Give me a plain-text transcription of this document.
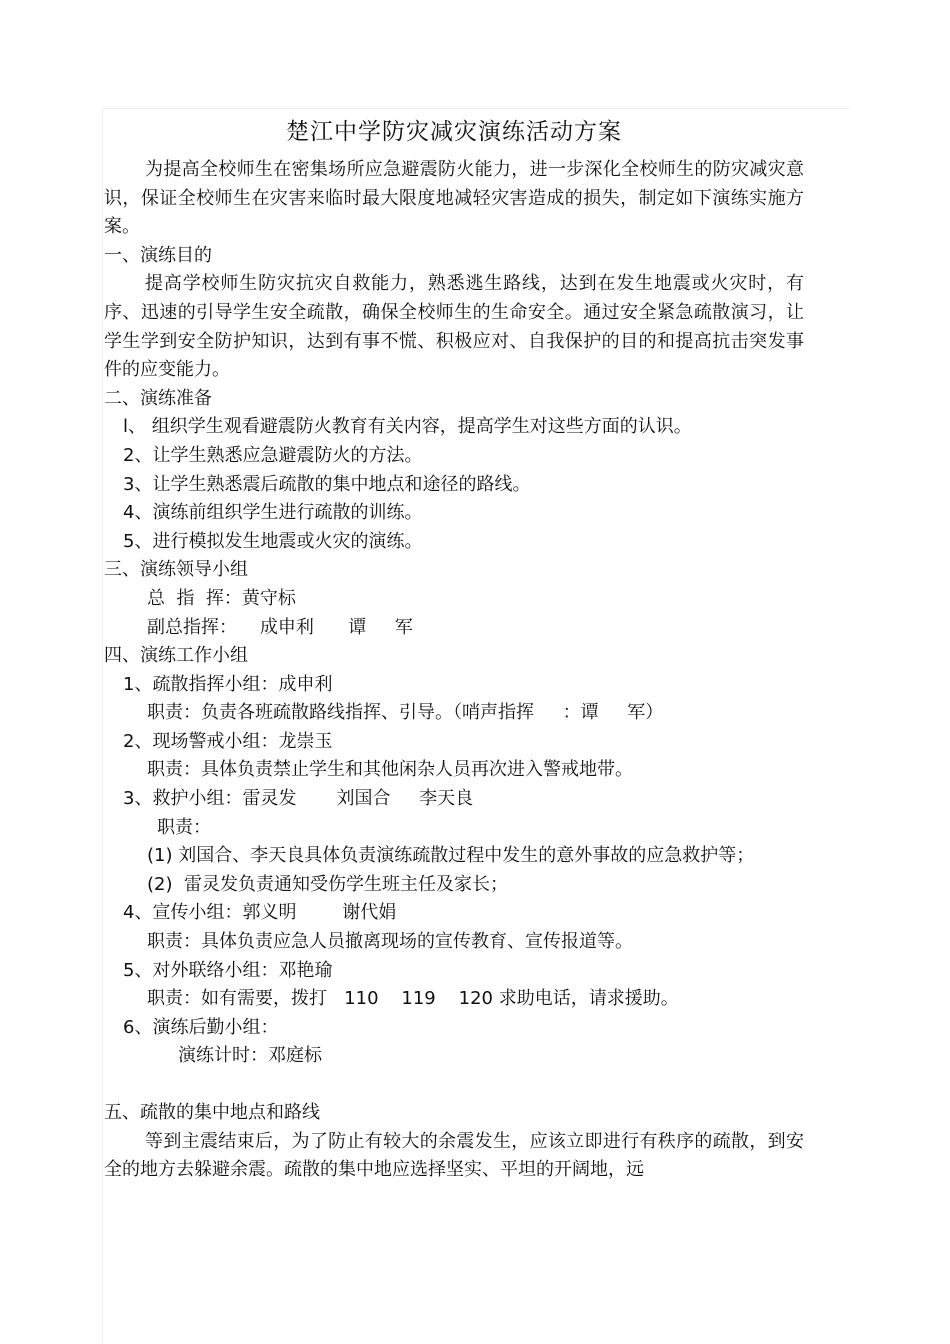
楚江中学防灾减灾演练活动方案

为提高全校师生在密集场所应急避震防火能力，进一步深化全校师生的防灾减灾意识，保证全校师生在灾害来临时最大限度地减轻灾害造成的损失，制定如下演练实施方案。

一、演练目的

提高学校师生防灾抗灾自救能力，熟悉逃生路线，达到在发生地震或火灾时，有序、迅速的引导学生安全疏散，确保全校师生的生命安全。通过安全紧急疏散演习，让学生学到安全防护知识，达到有事不慌、积极应对、自我保护的目的和提高抗击突发事件的应变能力。

二、演练准备

l、 组织学生观看避震防火教育有关内容，提高学生对这些方面的认识。

2、让学生熟悉应急避震防火的方法。

3、让学生熟悉震后疏散的集中地点和途径的路线。

4、演练前组织学生进行疏散的训练。

5、进行模拟发生地震或火灾的演练。

三、演练领导小组

总  指  挥：黄守标

副总指挥：    成申利      谭     军

四、演练工作小组

1、疏散指挥小组：成申利

职责：负责各班疏散路线指挥、引导。（哨声指挥     ：谭     军）

2、现场警戒小组：龙崇玉

职责：具体负责禁止学生和其他闲杂人员再次进入警戒地带。

3、救护小组：雷灵发       刘国合     李天良

职责：

(1) 刘国合、李天良具体负责演练疏散过程中发生的意外事故的应急救护等；

(2)  雷灵发负责通知受伤学生班主任及家长；

4、宣传小组：郭义明        谢代娟

职责：具体负责应急人员撤离现场的宣传教育、宣传报道等。

5、对外联络小组：邓艳瑜

职责：如有需要，拨打   110    119    120 求助电话，请求援助。

6、演练后勤小组：

演练计时：邓庭标

五、疏散的集中地点和路线

等到主震结束后，为了防止有较大的余震发生，应该立即进行有秩序的疏散，到安全的地方去躲避余震。疏散的集中地应选择坚实、平坦的开阔地，远
